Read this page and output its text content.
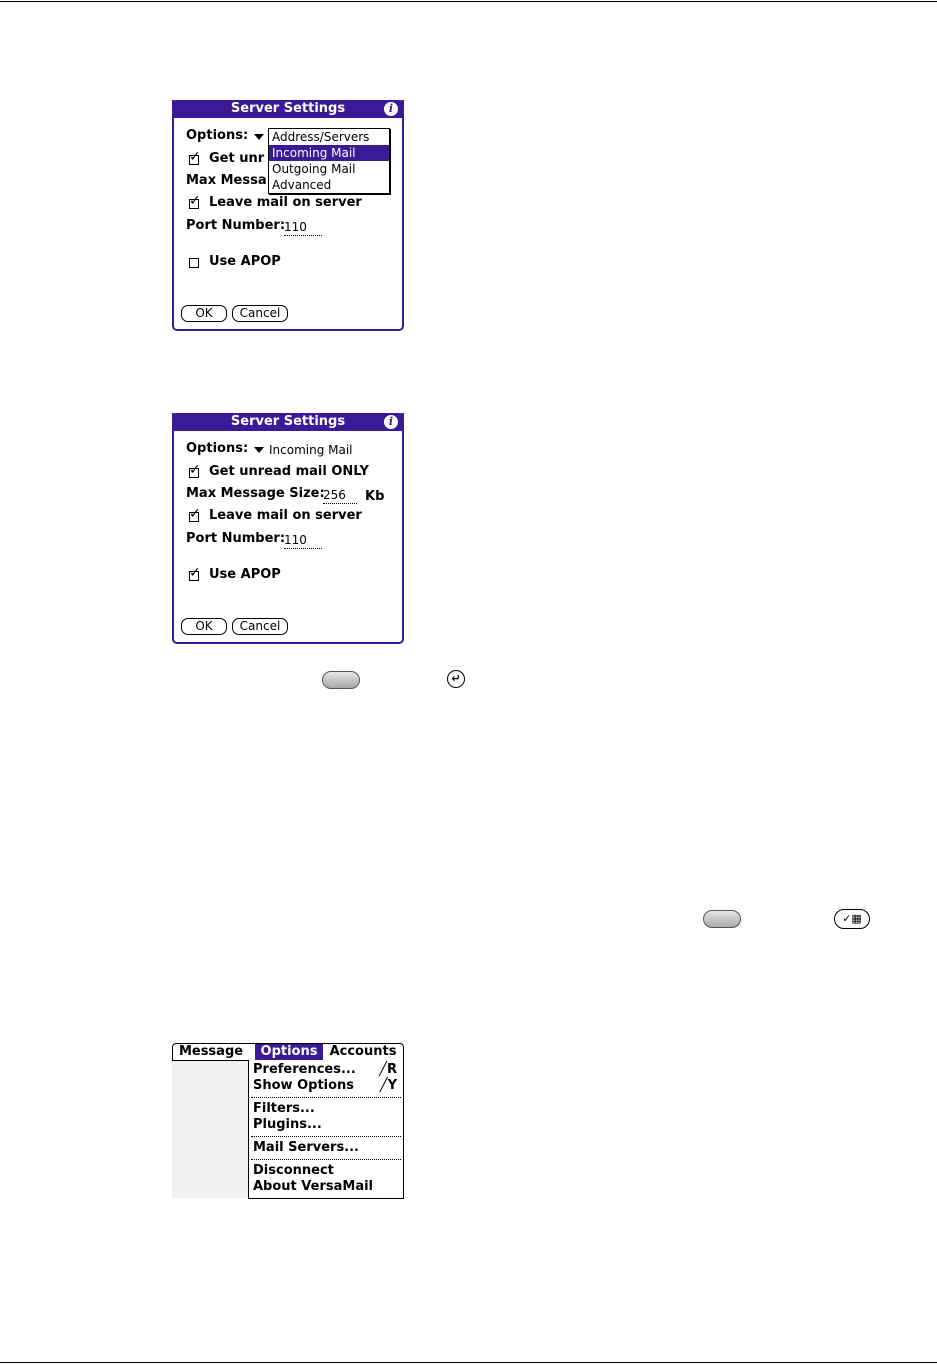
Server Settings	i
Options:
✓ Get unr
Max Messa
✓ Leave mail on server
Port Number:
110
Use APOP
OK	Cancel
Address/Servers
Incoming Mail
Outgoing Mail
Advanced
Server Settings	i
Options: Incoming Mail
✓ Get unread mail ONLY
Max Message Size:
256	Kb
✓ Leave mail on server
Port Number:
110
✓ Use APOP
OK	Cancel
↵
✓▦
Message	Options Accounts
Preferences... ╱R
Show Options ╱Y
Filters...
Plugins...
Mail Servers...
Disconnect
About VersaMail
